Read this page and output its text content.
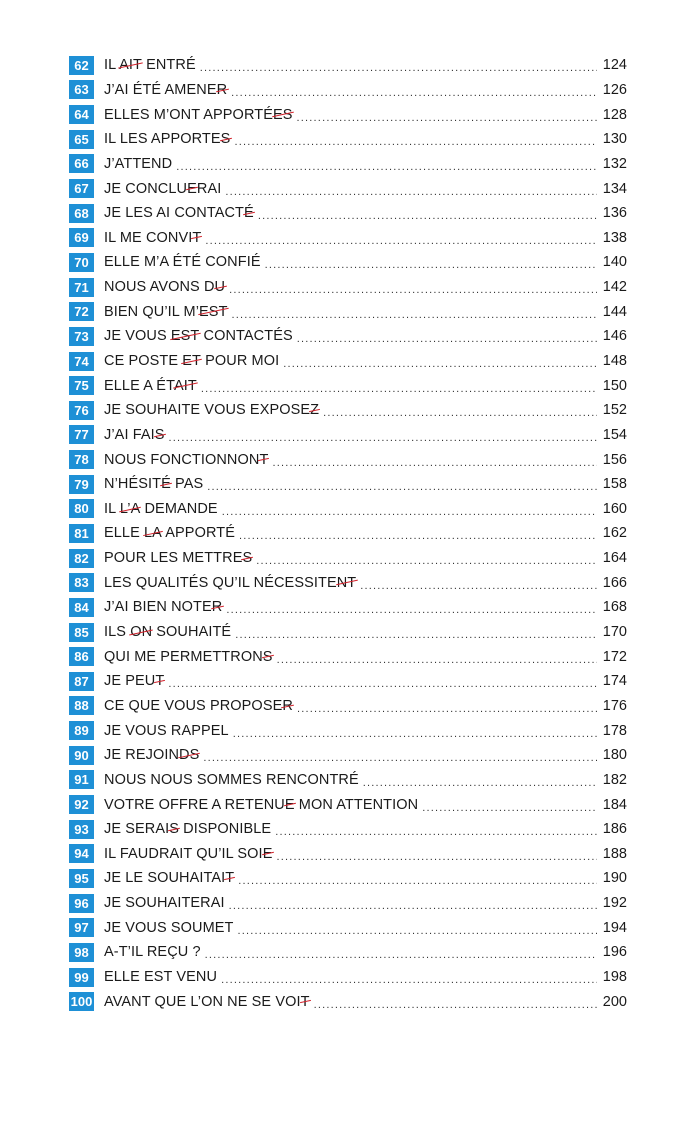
62	IL AIT ENTRÉ .....	124
63	J’AI ÉTÉ AMENER .....	126
64	ELLES M’ONT APPORTÉES .....	128
65	IL LES APPORTES .....	130
66	J’ATTEND .....	132
67	JE CONCLUERAI .....	134
68	JE LES AI CONTACTÉ .....	136
69	IL ME CONVIT .....	138
70	ELLE M’A ÉTÉ CONFIÉ .....	140
71	NOUS AVONS DU .....	142
72	BIEN QU’IL M’EST .....	144
73	JE VOUS EST CONTACTÉS .....	146
74	CE POSTE ET POUR MOI .....	148
75	ELLE A ÉTAIT .....	150
76	JE SOUHAITE VOUS EXPOSEZ .....	152
77	J’AI FAIS .....	154
78	NOUS FONCTIONNONT .....	156
79	N’HÉSITÉ PAS .....	158
80	IL L’A DEMANDE .....	160
81	ELLE LA APPORTÉ .....	162
82	POUR LES METTRES .....	164
83	LES QUALITÉS QU’IL NÉCESSITENT .....	166
84	J’AI BIEN NOTER .....	168
85	ILS ON SOUHAITÉ .....	170
86	QUI ME PERMETTRONS .....	172
87	JE PEUT .....	174
88	CE QUE VOUS PROPOSER .....	176
89	JE VOUS RAPPEL .....	178
90	JE REJOINDS .....	180
91	NOUS NOUS SOMMES RENCONTRÉ .....	182
92	VOTRE OFFRE A RETENUE MON ATTENTION .....	184
93	JE SERAIS DISPONIBLE .....	186
94	IL FAUDRAIT QU’IL SOIE .....	188
95	JE LE SOUHAITAIT .....	190
96	JE SOUHAITERAI .....	192
97	JE VOUS SOUMET .....	194
98	A-T’IL REÇU ? .....	196
99	ELLE EST VENU .....	198
100 AVANT QUE L’ON NE SE VOIT .....	200
